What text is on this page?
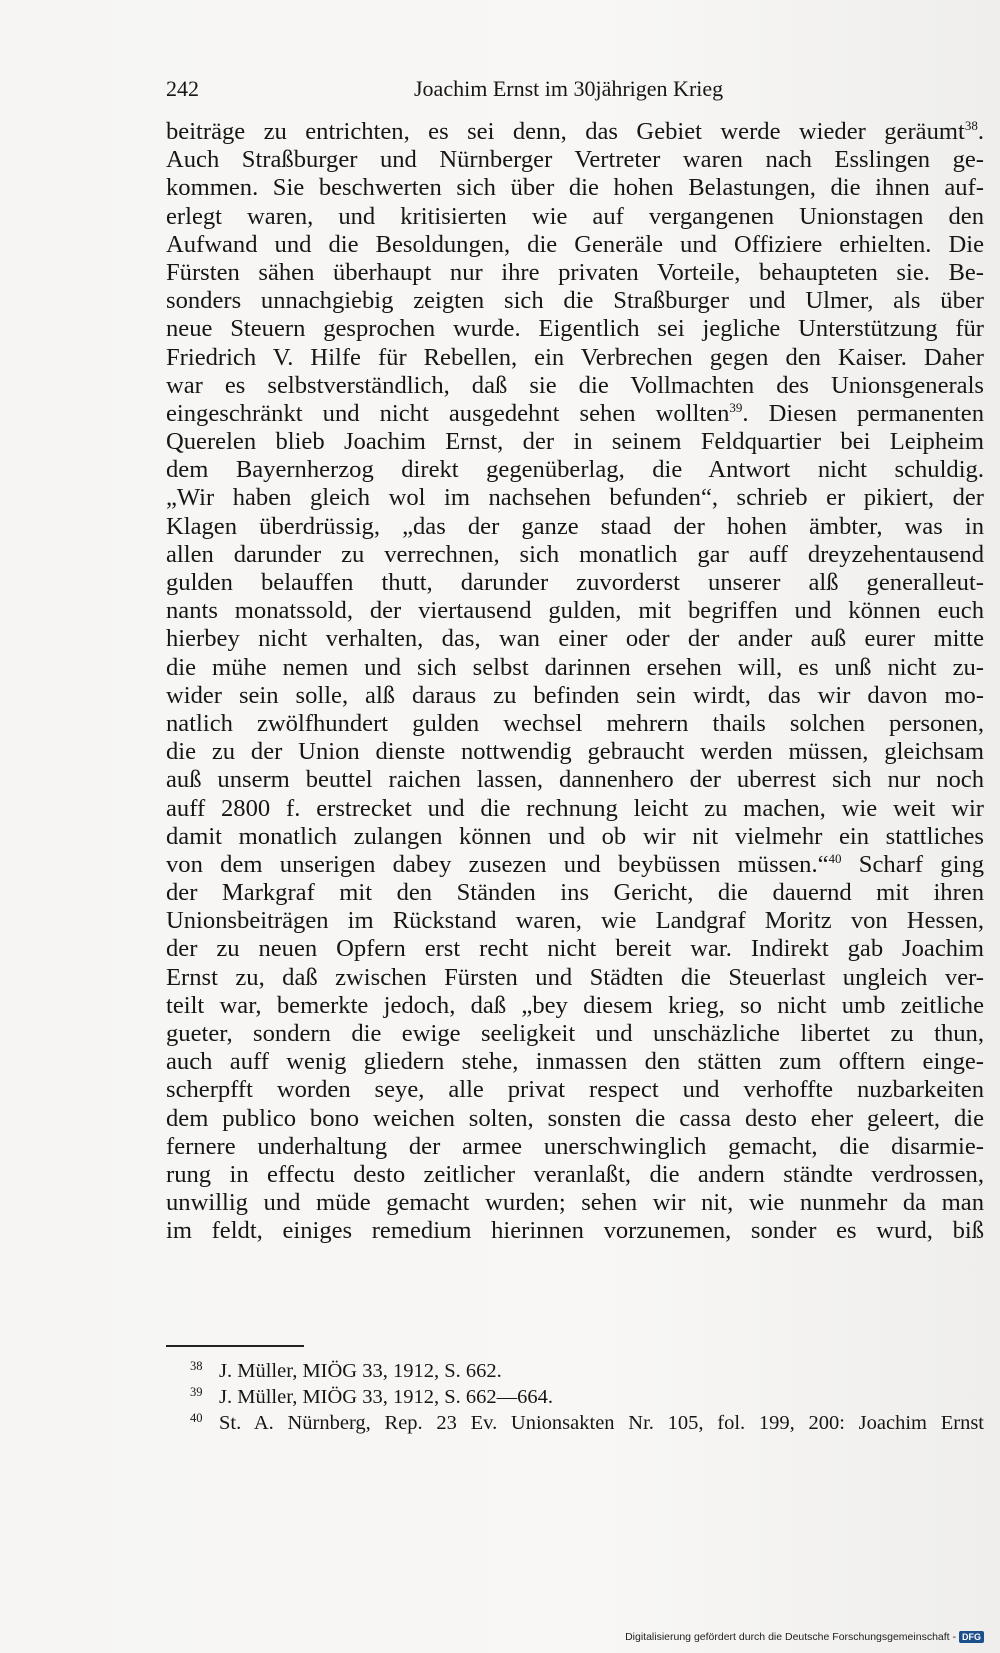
242	Joachim Ernst im 30jährigen Krieg
beiträge zu entrichten, es sei denn, das Gebiet werde wieder geräumt$^{38}$.
Auch Straßburger und Nürnberger Vertreter waren nach Esslingen ge-
kommen. Sie beschwerten sich über die hohen Belastungen, die ihnen auf-
erlegt waren, und kritisierten wie auf vergangenen Unionstagen den
Aufwand und die Besoldungen, die Generäle und Offiziere erhielten. Die
Fürsten sähen überhaupt nur ihre privaten Vorteile, behaupteten sie. Be-
sonders unnachgiebig zeigten sich die Straßburger und Ulmer, als über
neue Steuern gesprochen wurde. Eigentlich sei jegliche Unterstützung für
Friedrich V. Hilfe für Rebellen, ein Verbrechen gegen den Kaiser. Daher
war es selbstverständlich, daß sie die Vollmachten des Unionsgenerals
eingeschränkt und nicht ausgedehnt sehen wollten$^{39}$. Diesen permanenten
Querelen blieb Joachim Ernst, der in seinem Feldquartier bei Leipheim
dem Bayernherzog direkt gegenüberlag, die Antwort nicht schuldig.
„Wir haben gleich wol im nachsehen befunden“, schrieb er pikiert, der
Klagen überdrüssig, „das der ganze staad der hohen ämbter, was in
allen darunder zu verrechnen, sich monatlich gar auff dreyzehentausend
gulden belauffen thutt, darunder zuvorderst unserer alß generalleut-
nants monatssold, der viertausend gulden, mit begriffen und können euch
hierbey nicht verhalten, das, wan einer oder der ander auß eurer mitte
die mühe nemen und sich selbst darinnen ersehen will, es unß nicht zu-
wider sein solle, alß daraus zu befinden sein wirdt, das wir davon mo-
natlich zwölfhundert gulden wechsel mehrern thails solchen personen,
die zu der Union dienste nottwendig gebraucht werden müssen, gleichsam
auß unserm beuttel raichen lassen, dannenhero der uberrest sich nur noch
auff 2800 f. erstrecket und die rechnung leicht zu machen, wie weit wir
damit monatlich zulangen können und ob wir nit vielmehr ein stattliches
von dem unserigen dabey zusezen und beybüssen müssen.“$^{40}$ Scharf ging
der Markgraf mit den Ständen ins Gericht, die dauernd mit ihren
Unionsbeiträgen im Rückstand waren, wie Landgraf Moritz von Hessen,
der zu neuen Opfern erst recht nicht bereit war. Indirekt gab Joachim
Ernst zu, daß zwischen Fürsten und Städten die Steuerlast ungleich ver-
teilt war, bemerkte jedoch, daß „bey diesem krieg, so nicht umb zeitliche
gueter, sondern die ewige seeligkeit und unschäzliche libertet zu thun,
auch auff wenig gliedern stehe, inmassen den stätten zum offtern einge-
scherpfft worden seye, alle privat respect und verhoffte nuzbarkeiten
dem publico bono weichen solten, sonsten die cassa desto eher geleert, die
fernere underhaltung der armee unerschwinglich gemacht, die disarmie-
rung in effectu desto zeitlicher veranlaßt, die andern ständte verdrossen,
unwillig und müde gemacht wurden; sehen wir nit, wie nunmehr da man
im feldt, einiges remedium hierinnen vorzunemen, sonder es wurd, biß
38 J. Müller, MIÖG 33, 1912, S. 662.
39 J. Müller, MIÖG 33, 1912, S. 662—664.
40 St. A. Nürnberg, Rep. 23 Ev. Unionsakten Nr. 105, fol. 199, 200: Joachim Ernst
Digitalisierung gefördert durch die Deutsche Forschungsgemeinschaft - DFG
